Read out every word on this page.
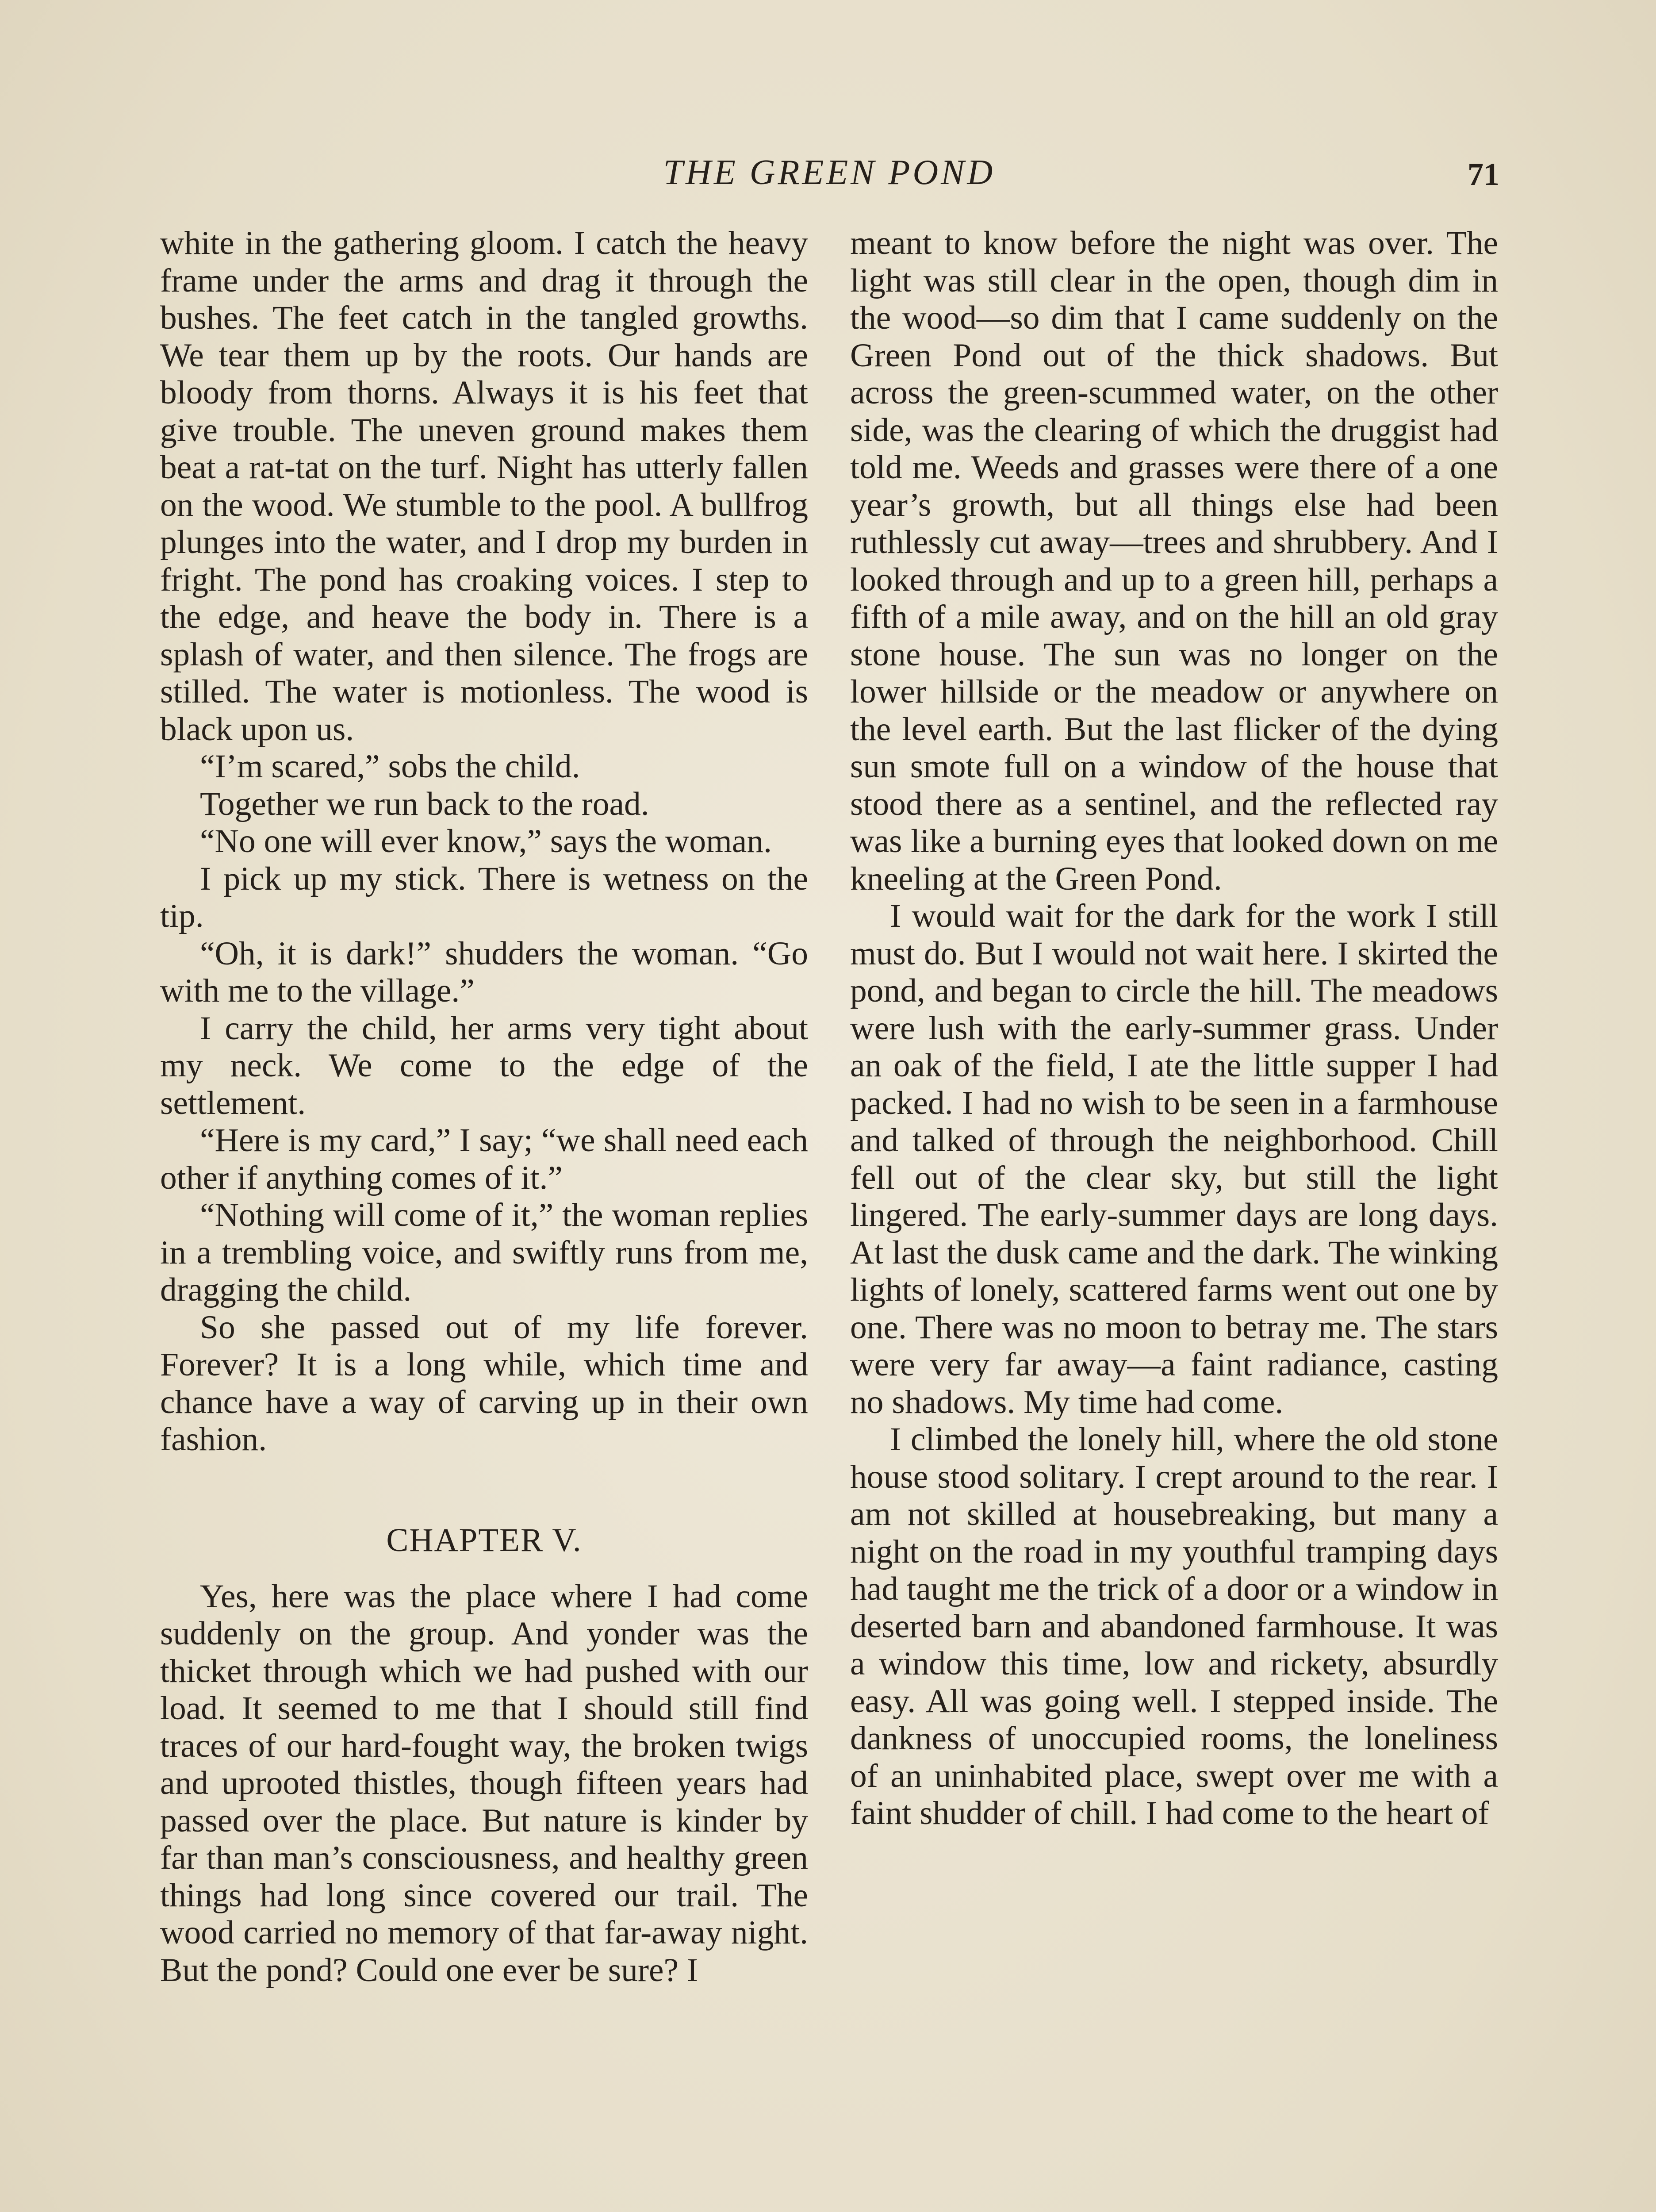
THE GREEN POND	71

white in the gathering gloom. I catch the heavy frame under the arms and drag it through the bushes. The feet catch in the tangled growths. We tear them up by the roots. Our hands are bloody from thorns. Always it is his feet that give trouble. The uneven ground makes them beat a rat-tat on the turf. Night has utterly fallen on the wood. We stumble to the pool. A bullfrog plunges into the water, and I drop my burden in fright. The pond has croaking voices. I step to the edge, and heave the body in. There is a splash of water, and then silence. The frogs are stilled. The water is motionless. The wood is black upon us.

“I’m scared,” sobs the child.

Together we run back to the road.

“No one will ever know,” says the woman.

I pick up my stick. There is wetness on the tip.

“Oh, it is dark!” shudders the woman. “Go with me to the village.”

I carry the child, her arms very tight about my neck. We come to the edge of the settlement.

“Here is my card,” I say; “we shall need each other if anything comes of it.”

“Nothing will come of it,” the woman replies in a trembling voice, and swiftly runs from me, dragging the child.

So she passed out of my life forever. Forever? It is a long while, which time and chance have a way of carving up in their own fashion.

CHAPTER V.

Yes, here was the place where I had come suddenly on the group. And yonder was the thicket through which we had pushed with our load. It seemed to me that I should still find traces of our hard-fought way, the broken twigs and uprooted thistles, though fifteen years had passed over the place. But nature is kinder by far than man’s consciousness, and healthy green things had long since covered our trail. The wood carried no memory of that far-away night. But the pond? Could one ever be sure? I

meant to know before the night was over. The light was still clear in the open, though dim in the wood—so dim that I came suddenly on the Green Pond out of the thick shadows. But across the green-scummed water, on the other side, was the clearing of which the druggist had told me. Weeds and grasses were there of a one year’s growth, but all things else had been ruthlessly cut away—trees and shrubbery. And I looked through and up to a green hill, perhaps a fifth of a mile away, and on the hill an old gray stone house. The sun was no longer on the lower hillside or the meadow or anywhere on the level earth. But the last flicker of the dying sun smote full on a window of the house that stood there as a sentinel, and the reflected ray was like a burning eyes that looked down on me kneeling at the Green Pond.

I would wait for the dark for the work I still must do. But I would not wait here. I skirted the pond, and began to circle the hill. The meadows were lush with the early-summer grass. Under an oak of the field, I ate the little supper I had packed. I had no wish to be seen in a farmhouse and talked of through the neighborhood. Chill fell out of the clear sky, but still the light lingered. The early-summer days are long days. At last the dusk came and the dark. The winking lights of lonely, scattered farms went out one by one. There was no moon to betray me. The stars were very far away—a faint radiance, casting no shadows. My time had come.

I climbed the lonely hill, where the old stone house stood solitary. I crept around to the rear. I am not skilled at housebreaking, but many a night on the road in my youthful tramping days had taught me the trick of a door or a window in deserted barn and abandoned farmhouse. It was a window this time, low and rickety, absurdly easy. All was going well. I stepped inside. The dankness of unoccupied rooms, the loneliness of an uninhabited place, swept over me with a faint shudder of chill. I had come to the heart of
